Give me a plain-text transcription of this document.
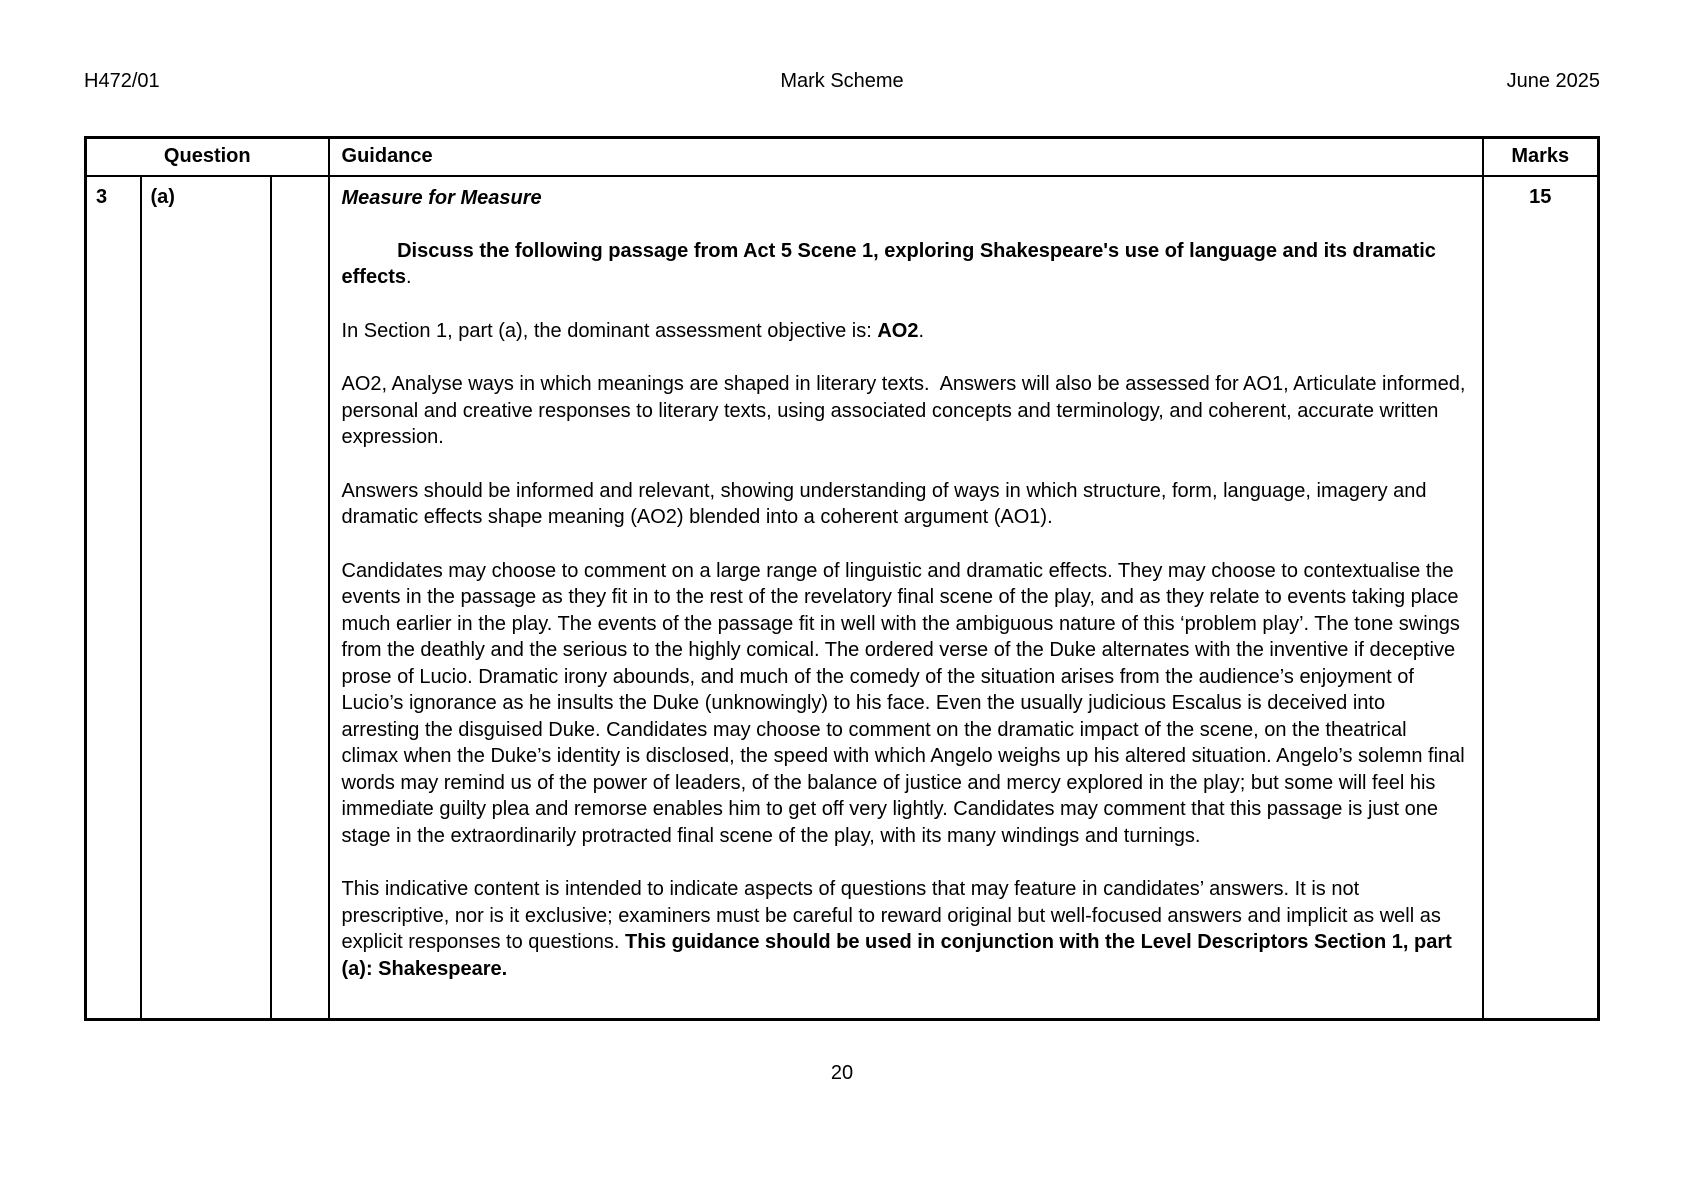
H472/01	Mark Scheme	June 2025
Question			Guidance	Marks
3	(a)		Measure for Measure

Discuss the following passage from Act 5 Scene 1, exploring Shakespeare's use of language and its dramatic effects.

In Section 1, part (a), the dominant assessment objective is: AO2.

AO2, Analyse ways in which meanings are shaped in literary texts.  Answers will also be assessed for AO1, Articulate informed, personal and creative responses to literary texts, using associated concepts and terminology, and coherent, accurate written expression.

Answers should be informed and relevant, showing understanding of ways in which structure, form, language, imagery and dramatic effects shape meaning (AO2) blended into a coherent argument (AO1).

Candidates may choose to comment on a large range of linguistic and dramatic effects. They may choose to contextualise the events in the passage as they fit in to the rest of the revelatory final scene of the play, and as they relate to events taking place much earlier in the play. The events of the passage fit in well with the ambiguous nature of this ‘problem play’. The tone swings from the deathly and the serious to the highly comical. The ordered verse of the Duke alternates with the inventive if deceptive prose of Lucio. Dramatic irony abounds, and much of the comedy of the situation arises from the audience’s enjoyment of Lucio’s ignorance as he insults the Duke (unknowingly) to his face. Even the usually judicious Escalus is deceived into arresting the disguised Duke. Candidates may choose to comment on the dramatic impact of the scene, on the theatrical climax when the Duke’s identity is disclosed, the speed with which Angelo weighs up his altered situation. Angelo’s solemn final words may remind us of the power of leaders, of the balance of justice and mercy explored in the play; but some will feel his immediate guilty plea and remorse enables him to get off very lightly. Candidates may comment that this passage is just one stage in the extraordinarily protracted final scene of the play, with its many windings and turnings.

This indicative content is intended to indicate aspects of questions that may feature in candidates’ answers. It is not prescriptive, nor is it exclusive; examiners must be careful to reward original but well-focused answers and implicit as well as explicit responses to questions. This guidance should be used in conjunction with the Level Descriptors Section 1, part (a): Shakespeare.

	15
20
